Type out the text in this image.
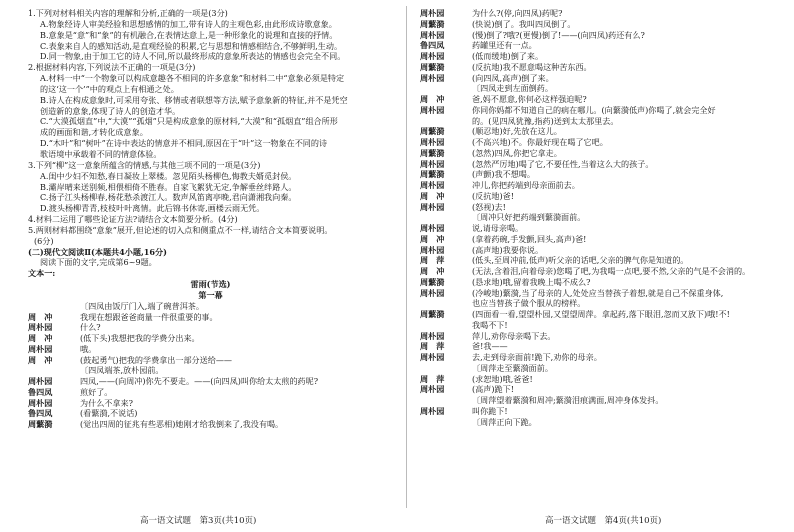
1.下列对材料相关内容的理解和分析,正确的一项是(3分)
A.物象经诗人审美经验和思想感情的加工,带有诗人的主观色彩,由此形成诗歌意象。
B.意象是“意”和“象”的有机融合,在表情达意上,是一种形象化的说理和直接的抒情。
C.表象来自人的感知活动,是直观经验的积累,它与思想和情感相结合,不够鲜明,生动。
D.同一物象,由于加工它的诗人不同,所以最终形成的意象所表达的情感也会完全不同。
2.根据材料内容,下列说法不正确的一项是(3分)
A.材料一中“一个物象可以构成意趣各不相同的许多意象”和材料二中“意象必须是特定
的这‘这一个’”中的观点上有相通之处。
B.诗人在构成意象时,可采用夸张、移情或者联想等方法,赋予意象新的特征,并不是凭空
创造新的意象,体现了诗人的创造才华。
C.“大漠孤烟直”中,“大漠”“孤烟”只是构成意象的原材料,“大漠”和“孤烟直”组合所形
成的画面和谐,才转化成意象。
D.“木叶”和“树叶”在诗中表达的情意并不相同,原因在于“叶”这一物象在不同的诗
歌语境中承载着不同的情意体验。
3.下列“柳”这一意象所蕴含的情感,与其他三项不同的一项是(3分)
A.闺中少妇不知愁,春日凝妆上翠楼。忽见陌头杨柳色,悔教夫婿觅封侯。
B.灞岸晴来送别频,相偎相倚不胜春。自家飞絮犹无定,争解垂丝绊路人。
C.扬子江头杨柳春,杨花愁杀渡江人。数声风笛离亭晚,君向潇湘我向秦。
D.渡头杨柳青青,枝枝叶叶离情。此后锦书休寄,画楼云雨无凭。
4.材料二运用了哪些论证方法?请结合文本简要分析。(4分)
5.两则材料都围绕“意象”展开,但论述的切入点和侧重点不一样,请结合文本简要说明。
(6分)
(二)现代文阅读Ⅱ(本题共4小题,16分)
阅读下面的文字,完成第6~9题。
文本一:
雷雨(节选)
第一幕
〔四凤由饭厅门入,端了碗普洱茶。
周　冲	我现在想跟爸爸商量一件很重要的事。
周朴园	什么?
周　冲	(低下头)我想把我的学费分出来。
周朴园	哦。
周　冲	(鼓起勇气)把我的学费拿出一部分送给——
〔四凤端茶,放朴园前。
周朴园	四凤,——(向周冲)你先不要走。——(向四凤)叫你给太太煎的药呢?
鲁四凤	煎好了。
周朴园	为什么不拿来?
鲁四凤	(看蘩漪,不说话)
周蘩漪	(觉出四周的征兆有些恶相)她刚才给我倒来了,我没有喝。
周朴园	为什么?(停,向四凤)药呢?
周蘩漪	(快说)倒了。我叫四凤倒了。
周朴园	(慢)倒了?哦?(更慢)倒了!——(向四凤)药还有么?
鲁四凤	药罐里还有一点。
周朴园	(低而缓地)倒了来。
周蘩漪	(反抗地)我不愿意喝这种苦东西。
周朴园	(向四凤,高声)倒了来。
〔四凤走到左面倒药。
周　冲	爸,妈不愿意,你何必这样强迫呢?
周朴园	你同你妈都不知道自己的病在哪儿。(向蘩漪低声)你喝了,就会完全好
的。(见四凤犹豫,指药)送到太太那里去。
周蘩漪	(顺忍地)好,先放在这儿。
周朴园	(不高兴地)不。你最好现在喝了它吧。
周蘩漪	(忽然)四凤,你把它拿走。
周朴园	(忽然严厉地)喝了它,不要任性,当着这么大的孩子。
周蘩漪	(声颤)我不想喝。
周朴园	冲儿,你把药端到母亲面前去。
周　冲	(反抗地)爸!
周朴园	(怒视)去!
〔周冲只好把药端到蘩漪面前。
周朴园	说,请母亲喝。
周　冲	(拿着药碗,手发颤,回头,高声)爸!
周朴园	(高声地)我要你说。
周　萍	(低头,至周冲前,低声)听父亲的话吧,父亲的脾气你是知道的。
周　冲	(无法,含着泪,向着母亲)您喝了吧,为我喝一点吧,要不然,父亲的气是不会消的。
周蘩漪	(恳求地)哦,留着我晚上喝不成么?
周朴园	(冷峻地)蘩漪,当了母亲的人,处处应当替孩子着想,就是自己不保重身体,
也应当替孩子做个服从的榜样。
周蘩漪	(四面看一看,望望朴园,又望望周萍。拿起药,落下眼泪,忽而又放下)哦!不!
我喝不下!
周朴园	萍儿,劝你母亲喝下去。
周　萍	爸!我——
周朴园	去,走到母亲面前!跪下,劝你的母亲。
〔周萍走至蘩漪面前。
周　萍	(求恕地)哦,爸爸!
周朴园	(高声)跪下!
〔周萍望着蘩漪和周冲;蘩漪泪痕满面,周冲身体发抖。
周朴园	叫你跪下!
〔周萍正向下跪。
高一语文试题　第3页(共10页)	高一语文试题　第4页(共10页)
